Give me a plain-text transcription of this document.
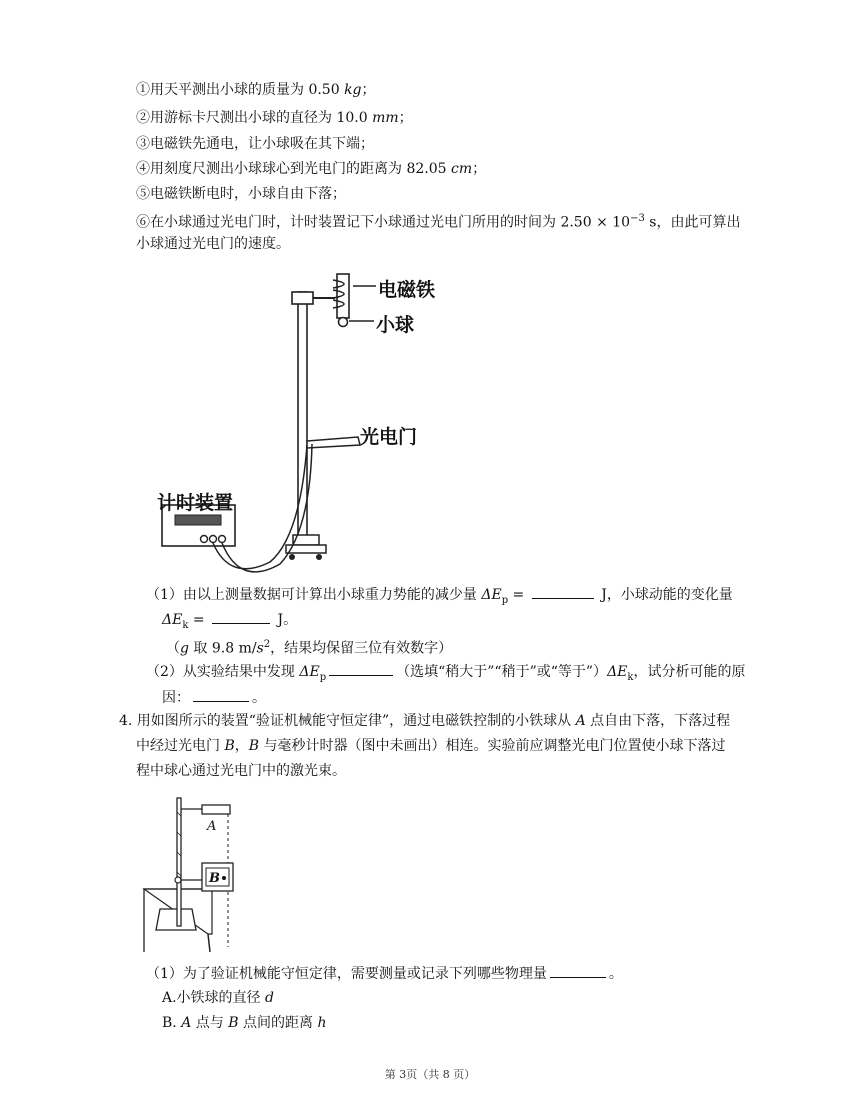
①用天平测出小球的质量为 0.50 kg；
②用游标卡尺测出小球的直径为 10.0 mm；
③电磁铁先通电，让小球吸在其下端；
④用刻度尺测出小球球心到光电门的距离为 82.05 cm；
⑤电磁铁断电时，小球自由下落；
⑥在小球通过光电门时，计时装置记下小球通过光电门所用的时间为 $2.50 \times 10^{-3}$ s，由此可算出
小球通过光电门的速度。
电磁铁
小球
光电门
计时装置
（1）由以上测量数据可计算出小球重力势能的减少量 $\Delta E_p$ =	J，小球动能的变化量
$\Delta E_k$ =	J。
（g 取 9.8 $m/s^2$，结果均保留三位有效数字）
（2）从实验结果中发现 $\Delta E_p$	（选填“稍大于”“稍于”或“等于$”)\Delta E_k$，试分析可能的原
因：	。
4. 用如图所示的装置“验证机械能守恒定律”，通过电磁铁控制的小铁球从 A 点自由下落，下落过程
中经过光电门 B，B 与毫秒计时器（图中未画出）相连。实验前应调整光电门位置使小球下落过
程中球心通过光电门中的激光束。
A
B
（1）为了验证机械能守恒定律，需要测量或记录下列哪些物理量	。
A.小铁球的直径 d
B. A 点与 B 点间的距离 h
第 3页（共 8 页）
